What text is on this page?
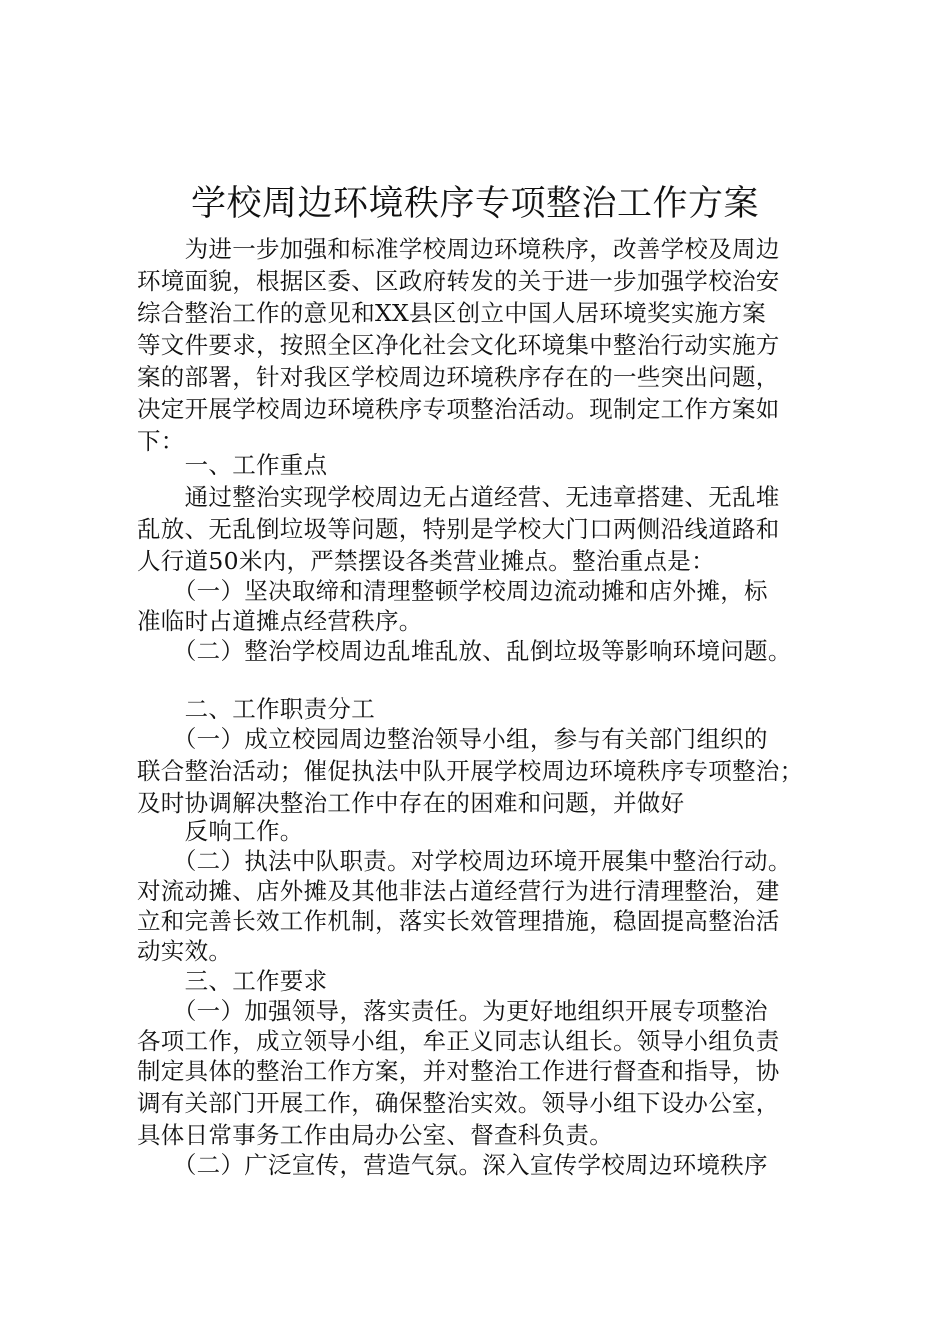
学校周边环境秩序专项整治工作方案
　　为进一步加强和标准学校周边环境秩序，改善学校及周边
环境面貌，根据区委、区政府转发的关于进一步加强学校治安
综合整治工作的意见和XX县区创立中国人居环境奖实施方案
等文件要求，按照全区净化社会文化环境集中整治行动实施方
案的部署，针对我区学校周边环境秩序存在的一些突出问题，
决定开展学校周边环境秩序专项整治活动。现制定工作方案如
下：
　　一、工作重点
　　通过整治实现学校周边无占道经营、无违章搭建、无乱堆
乱放、无乱倒垃圾等问题，特别是学校大门口两侧沿线道路和
人行道50米内，严禁摆设各类营业摊点。整治重点是：
　　（一）坚决取缔和清理整顿学校周边流动摊和店外摊，标
准临时占道摊点经营秩序。
　　（二）整治学校周边乱堆乱放、乱倒垃圾等影响环境问题。
　　二、工作职责分工
　　（一）成立校园周边整治领导小组，参与有关部门组织的
联合整治活动；催促执法中队开展学校周边环境秩序专项整治；
及时协调解决整治工作中存在的困难和问题，并做好
　　反响工作。
　　（二）执法中队职责。对学校周边环境开展集中整治行动。
对流动摊、店外摊及其他非法占道经营行为进行清理整治，建
立和完善长效工作机制，落实长效管理措施，稳固提高整治活
动实效。
　　三、工作要求
　　（一）加强领导，落实责任。为更好地组织开展专项整治
各项工作，成立领导小组，牟正义同志认组长。领导小组负责
制定具体的整治工作方案，并对整治工作进行督查和指导，协
调有关部门开展工作，确保整治实效。领导小组下设办公室，
具体日常事务工作由局办公室、督查科负责。
　　（二）广泛宣传，营造气氛。深入宣传学校周边环境秩序
